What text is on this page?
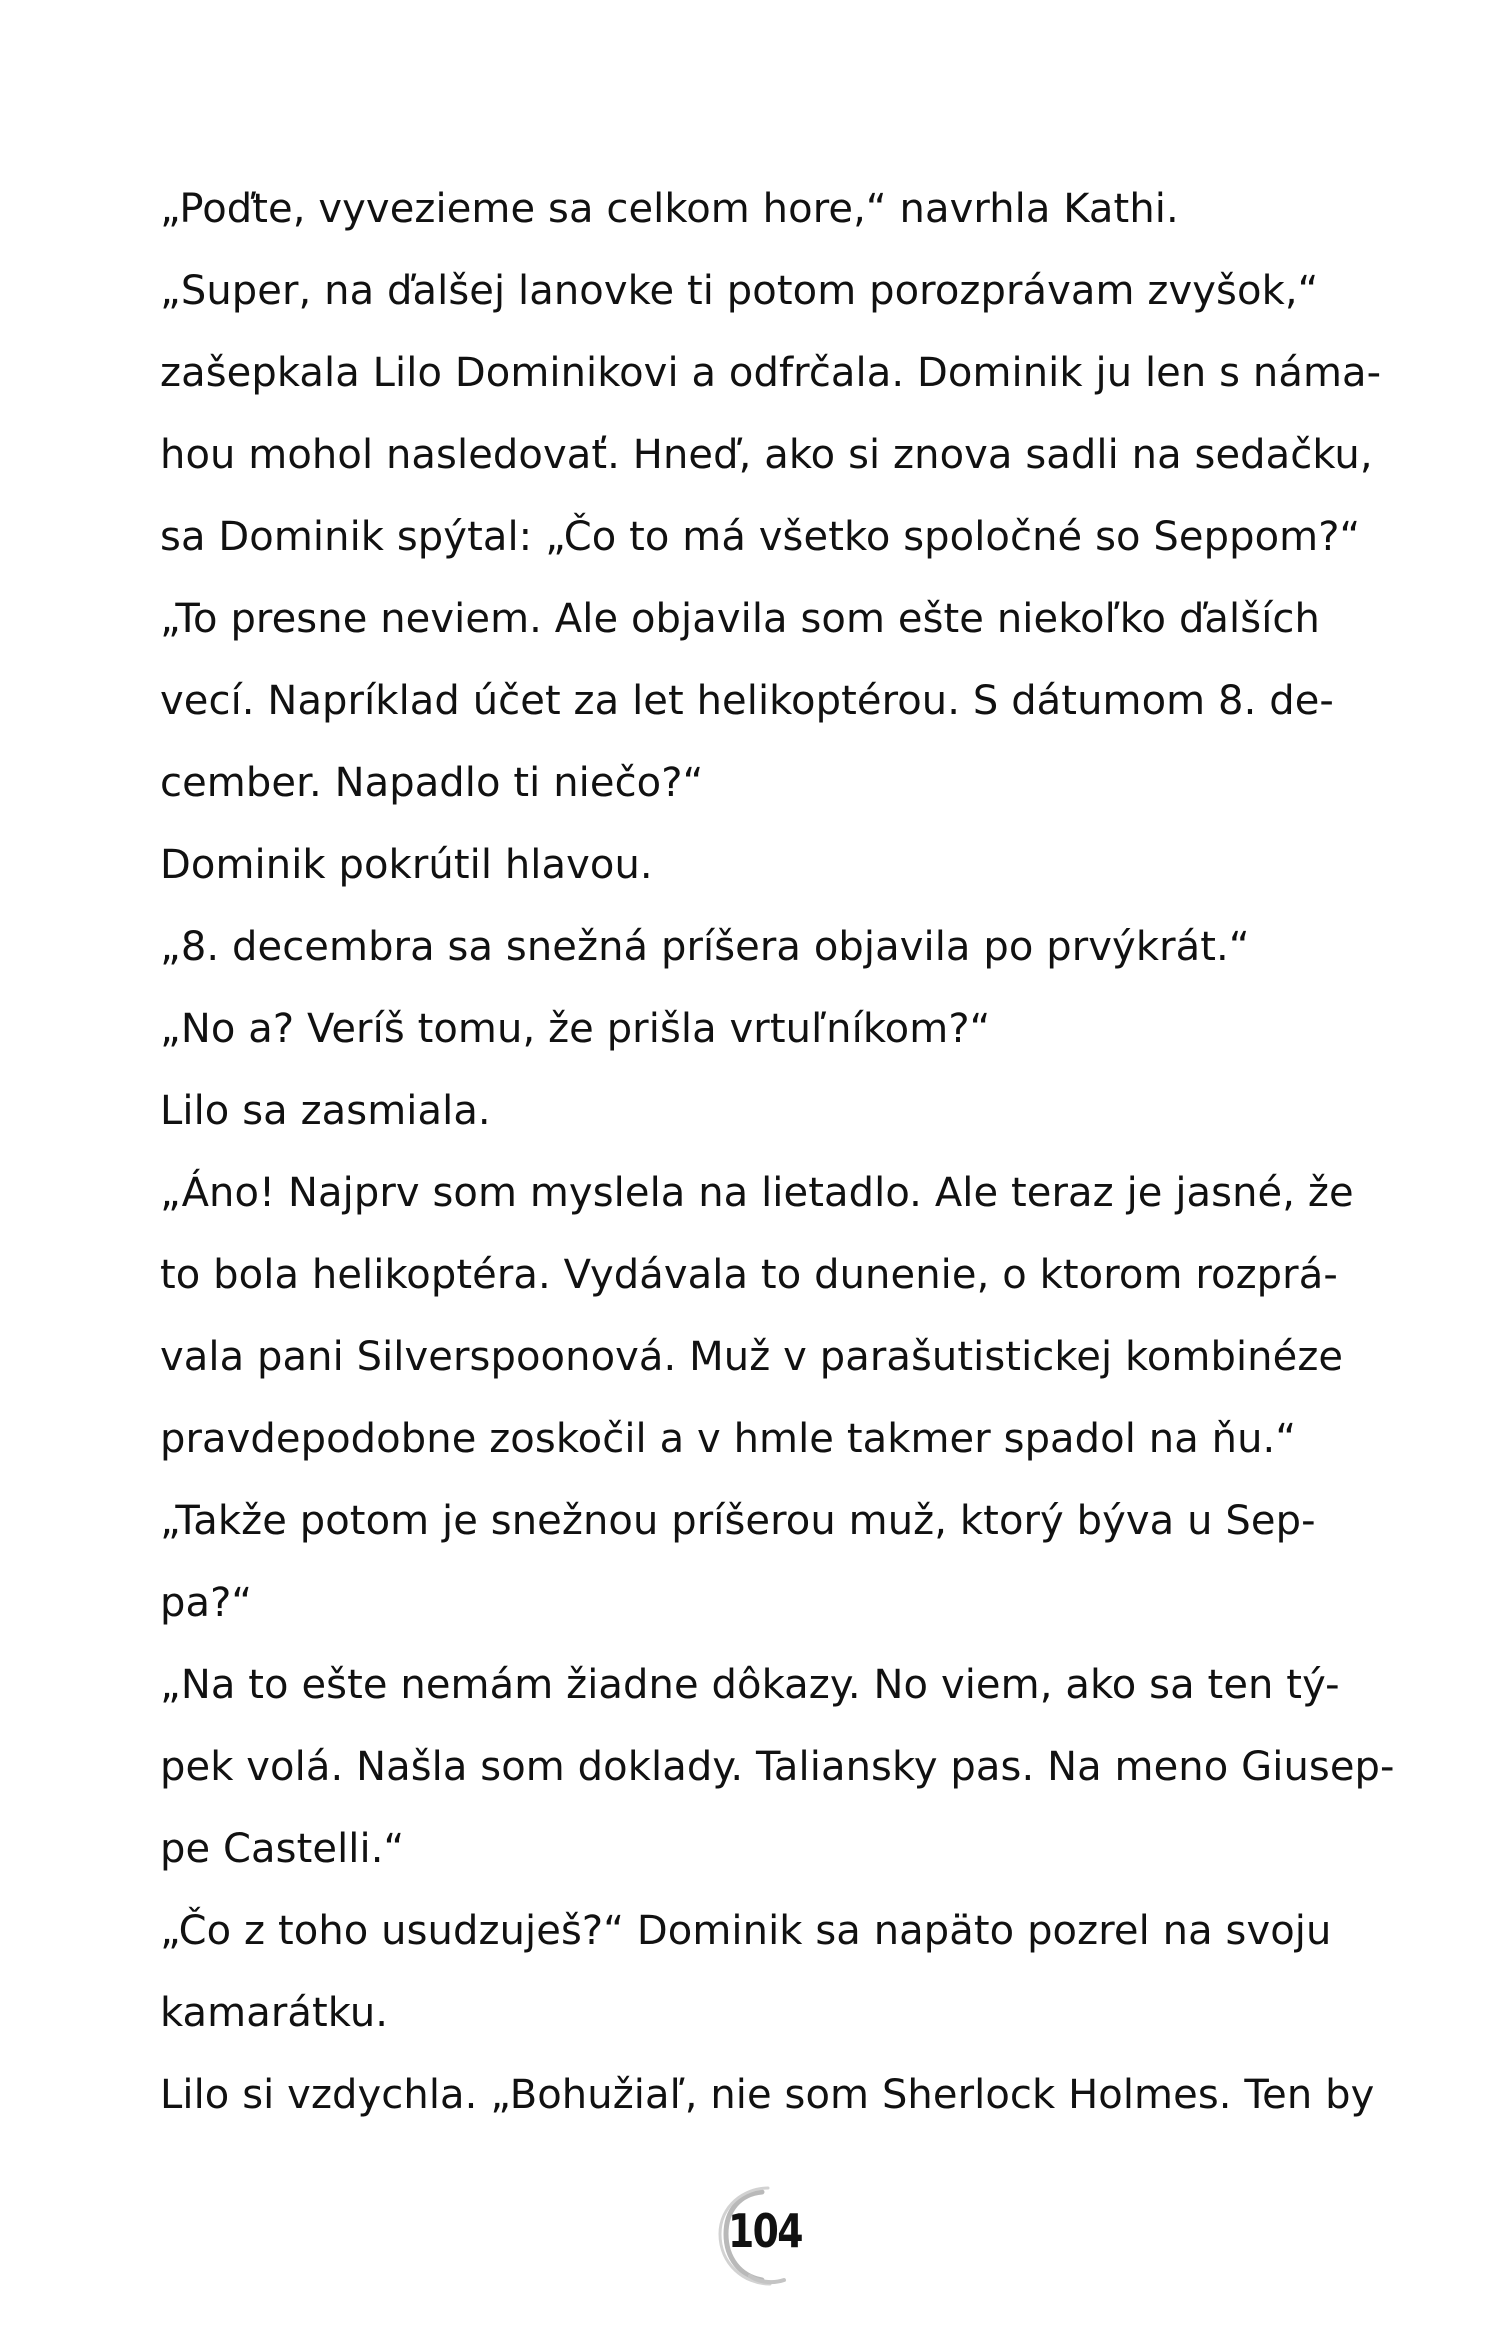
„Poďte, vyvezieme sa celkom hore,“ navrhla Kathi.
„Super, na ďalšej lanovke ti potom porozprávam zvyšok,“
zašepkala Lilo Dominikovi a odfrčala. Dominik ju len s náma-
hou mohol nasledovať. Hneď, ako si znova sadli na sedačku,
sa Dominik spýtal: „Čo to má všetko spoločné so Seppom?“
„To presne neviem. Ale objavila som ešte niekoľko ďalších
vecí. Napríklad účet za let helikoptérou. S dátumom 8. de-
cember. Napadlo ti niečo?“
Dominik pokrútil hlavou.
„8. decembra sa snežná príšera objavila po prvýkrát.“
„No a? Veríš tomu, že prišla vrtuľníkom?“
Lilo sa zasmiala.
„Áno! Najprv som myslela na lietadlo. Ale teraz je jasné, že
to bola helikoptéra. Vydávala to dunenie, o ktorom rozprá-
vala pani Silverspoonová. Muž v parašutistickej kombinéze
pravdepodobne zoskočil a v hmle takmer spadol na ňu.“
„Takže potom je snežnou príšerou muž, ktorý býva u Sep-
pa?“
„Na to ešte nemám žiadne dôkazy. No viem, ako sa ten tý-
pek volá. Našla som doklady. Taliansky pas. Na meno Giusep-
pe Castelli.“
„Čo z toho usudzuješ?“ Dominik sa napäto pozrel na svoju
kamarátku.
Lilo si vzdychla. „Bohužiaľ, nie som Sherlock Holmes. Ten by
104
